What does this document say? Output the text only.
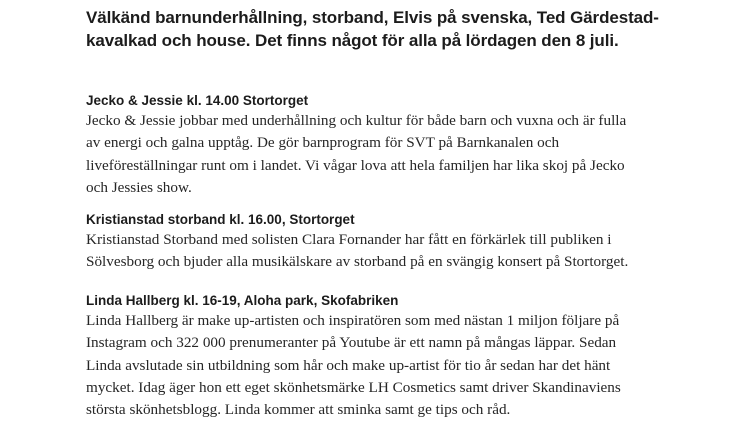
Välkänd barnunderhållning, storband, Elvis på svenska, Ted Gärdestad-
kavalkad och house. Det finns något för alla på lördagen den 8 juli.
Jecko & Jessie kl. 14.00 Stortorget

Jecko & Jessie jobbar med underhållning och kultur för både barn och vuxna och är fulla
av energi och galna upptåg. De gör barnprogram för SVT på Barnkanalen och
liveföreställningar runt om i landet. Vi vågar lova att hela familjen har lika skoj på Jecko
och Jessies show.

Kristianstad storband kl. 16.00, Stortorget

Kristianstad Storband med solisten Clara Fornander har fått en förkärlek till publiken i
Sölvesborg och bjuder alla musikälskare av storband på en svängig konsert på Stortorget.

Linda Hallberg kl. 16-19, Aloha park, Skofabriken

Linda Hallberg är make up-artisten och inspiratören som med nästan 1 miljon följare på
Instagram och 322 000 prenumeranter på Youtube är ett namn på mångas läppar. Sedan
Linda avslutade sin utbildning som hår och make up-artist för tio år sedan har det hänt
mycket. Idag äger hon ett eget skönhetsmärke LH Cosmetics samt driver Skandinaviens
största skönhetsblogg. Linda kommer att sminka samt ge tips och råd.
